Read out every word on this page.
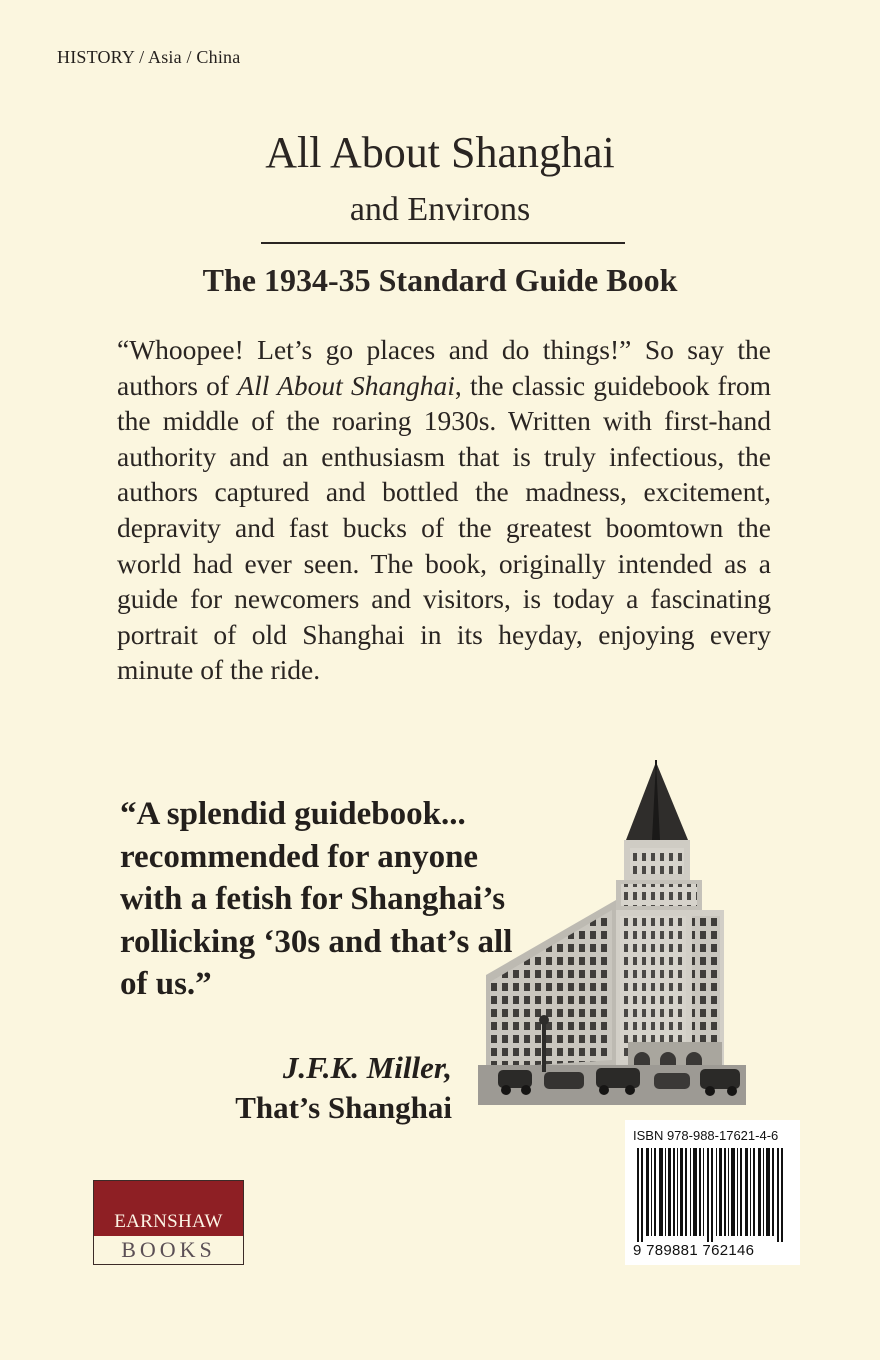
HISTORY / Asia / China
All About Shanghai
and Environs
The 1934-35 Standard Guide Book
“Whoopee! Let’s go places and do things!” So say the authors of All About Shanghai, the classic guidebook from the middle of the roaring 1930s. Written with first-hand authority and an enthusiasm that is truly infectious, the authors captured and bottled the madness, excitement, depravity and fast bucks of the greatest boomtown the world had ever seen. The book, originally intended as a guide for newcomers and visitors, is today a fascinating portrait of old Shanghai in its heyday, enjoying every minute of the ride.
“A splendid guidebook... recommended for anyone with a fetish for Shanghai’s rollicking ‘30s and that’s all of us.”
J.F.K. Miller,
That’s Shanghai
ISBN 978-988-17621-4-6
9 789881 762146
EARNSHAW
BOOKS
